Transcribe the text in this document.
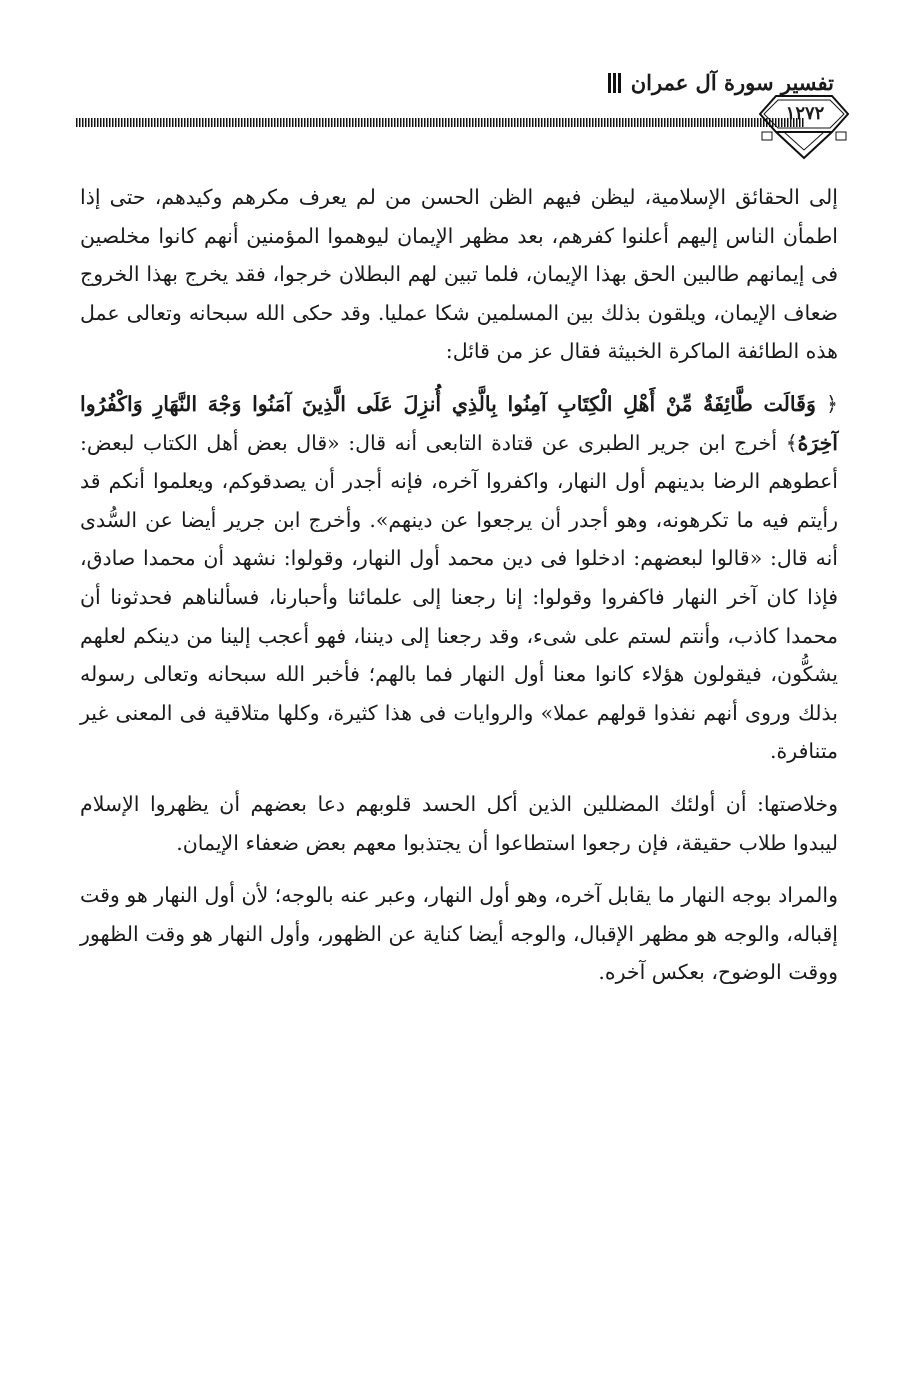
تفسير سورة آل عمران
١٢٧٢

إلى الحقائق الإسلامية، ليظن فيهم الظن الحسن من لم يعرف مكرهم وكيدهم، حتى إذا اطمأن الناس إليهم أعلنوا كفرهم، بعد مظهر الإيمان ليوهموا المؤمنين أنهم كانوا مخلصين فى إيمانهم طالبين الحق بهذا الإيمان، فلما تبين لهم البطلان خرجوا، فقد يخرج بهذا الخروج ضعاف الإيمان، ويلقون بذلك بين المسلمين شكا عمليا. وقد حكى الله سبحانه وتعالى عمل هذه الطائفة الماكرة الخبيثة فقال عز من قائل:

﴿ وَقَالَت طَّائِفَةٌ مِّنْ أَهْلِ الْكِتَابِ آمِنُوا بِالَّذِي أُنزِلَ عَلَى الَّذِينَ آمَنُوا وَجْهَ النَّهَارِ وَاكْفُرُوا آخِرَهُ﴾ أخرج ابن جرير الطبرى عن قتادة التابعى أنه قال: «قال بعض أهل الكتاب لبعض: أعطوهم الرضا بدينهم أول النهار، واكفروا آخره، فإنه أجدر أن يصدقوكم، ويعلموا أنكم قد رأيتم فيه ما تكرهونه، وهو أجدر أن يرجعوا عن دينهم». وأخرج ابن جرير أيضا عن السُّدى أنه قال: «قالوا لبعضهم: ادخلوا فى دين محمد أول النهار، وقولوا: نشهد أن محمدا صادق، فإذا كان آخر النهار فاكفروا وقولوا: إنا رجعنا إلى علمائنا وأحبارنا، فسألناهم فحدثونا أن محمدا كاذب، وأنتم لستم على شىء، وقد رجعنا إلى ديننا، فهو أعجب إلينا من دينكم لعلهم يشكُّون، فيقولون هؤلاء كانوا معنا أول النهار فما بالهم؛ فأخبر الله سبحانه وتعالى رسوله بذلك وروى أنهم نفذوا قولهم عملا» والروايات فى هذا كثيرة، وكلها متلاقية فى المعنى غير متنافرة.

وخلاصتها: أن أولئك المضللين الذين أكل الحسد قلوبهم دعا بعضهم أن يظهروا الإسلام ليبدوا طلاب حقيقة، فإن رجعوا استطاعوا أن يجتذبوا معهم بعض ضعفاء الإيمان.

والمراد بوجه النهار ما يقابل آخره، وهو أول النهار، وعبر عنه بالوجه؛ لأن أول النهار هو وقت إقباله، والوجه هو مظهر الإقبال، والوجه أيضا كناية عن الظهور، وأول النهار هو وقت الظهور ووقت الوضوح، بعكس آخره.
